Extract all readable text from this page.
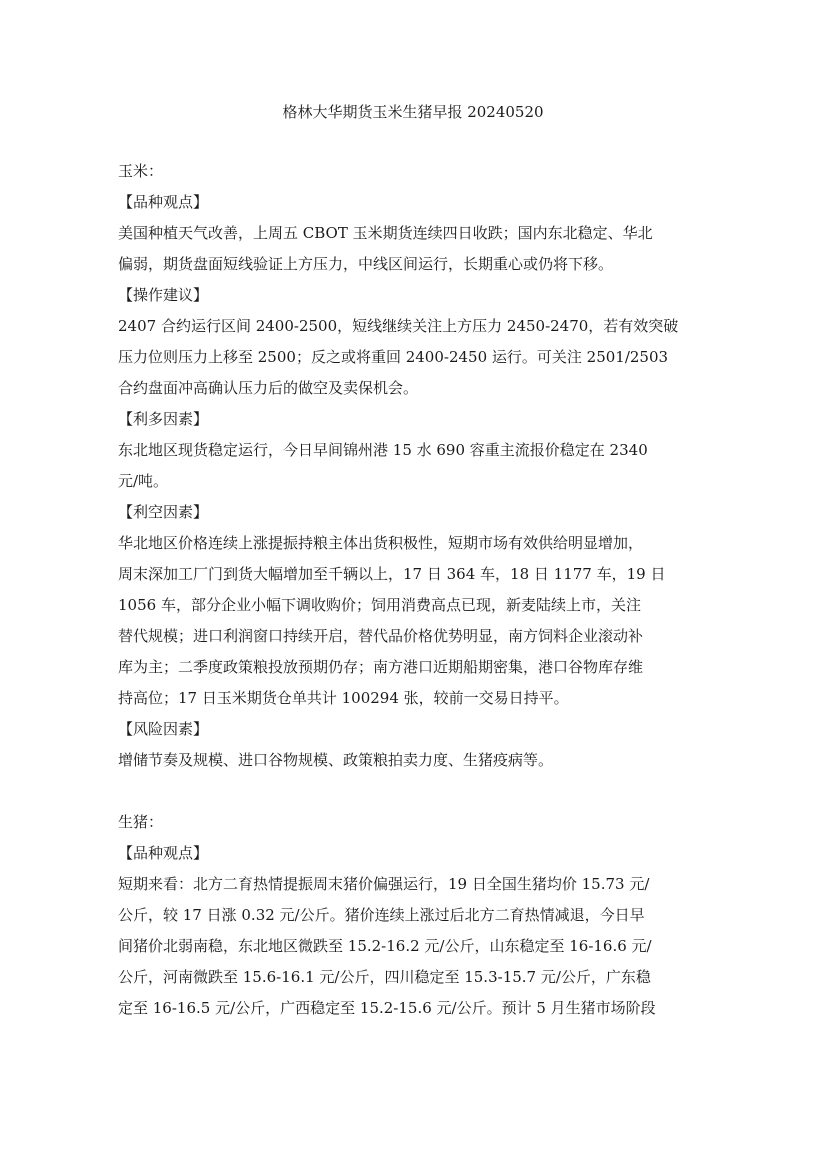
格林大华期货玉米生猪早报 20240520
玉米：
【品种观点】
美国种植天气改善，上周五 CBOT 玉米期货连续四日收跌；国内东北稳定、华北
偏弱，期货盘面短线验证上方压力，中线区间运行，长期重心或仍将下移。
【操作建议】
2407 合约运行区间 2400-2500，短线继续关注上方压力 2450-2470，若有效突破
压力位则压力上移至 2500；反之或将重回 2400-2450 运行。可关注 2501/2503
合约盘面冲高确认压力后的做空及卖保机会。
【利多因素】
东北地区现货稳定运行，今日早间锦州港 15 水 690 容重主流报价稳定在 2340
元/吨。
【利空因素】
华北地区价格连续上涨提振持粮主体出货积极性，短期市场有效供给明显增加，
周末深加工厂门到货大幅增加至千辆以上，17 日 364 车，18 日 1177 车，19 日
1056 车，部分企业小幅下调收购价；饲用消费高点已现，新麦陆续上市，关注
替代规模；进口利润窗口持续开启，替代品价格优势明显，南方饲料企业滚动补
库为主；二季度政策粮投放预期仍存；南方港口近期船期密集，港口谷物库存维
持高位；17 日玉米期货仓单共计 100294 张，较前一交易日持平。
【风险因素】
增储节奏及规模、进口谷物规模、政策粮拍卖力度、生猪疫病等。
生猪：
【品种观点】
短期来看：北方二育热情提振周末猪价偏强运行，19 日全国生猪均价 15.73 元/
公斤，较 17 日涨 0.32 元/公斤。猪价连续上涨过后北方二育热情减退，今日早
间猪价北弱南稳，东北地区微跌至 15.2-16.2 元/公斤，山东稳定至 16-16.6 元/
公斤，河南微跌至 15.6-16.1 元/公斤，四川稳定至 15.3-15.7 元/公斤，广东稳
定至 16-16.5 元/公斤，广西稳定至 15.2-15.6 元/公斤。预计 5 月生猪市场阶段
